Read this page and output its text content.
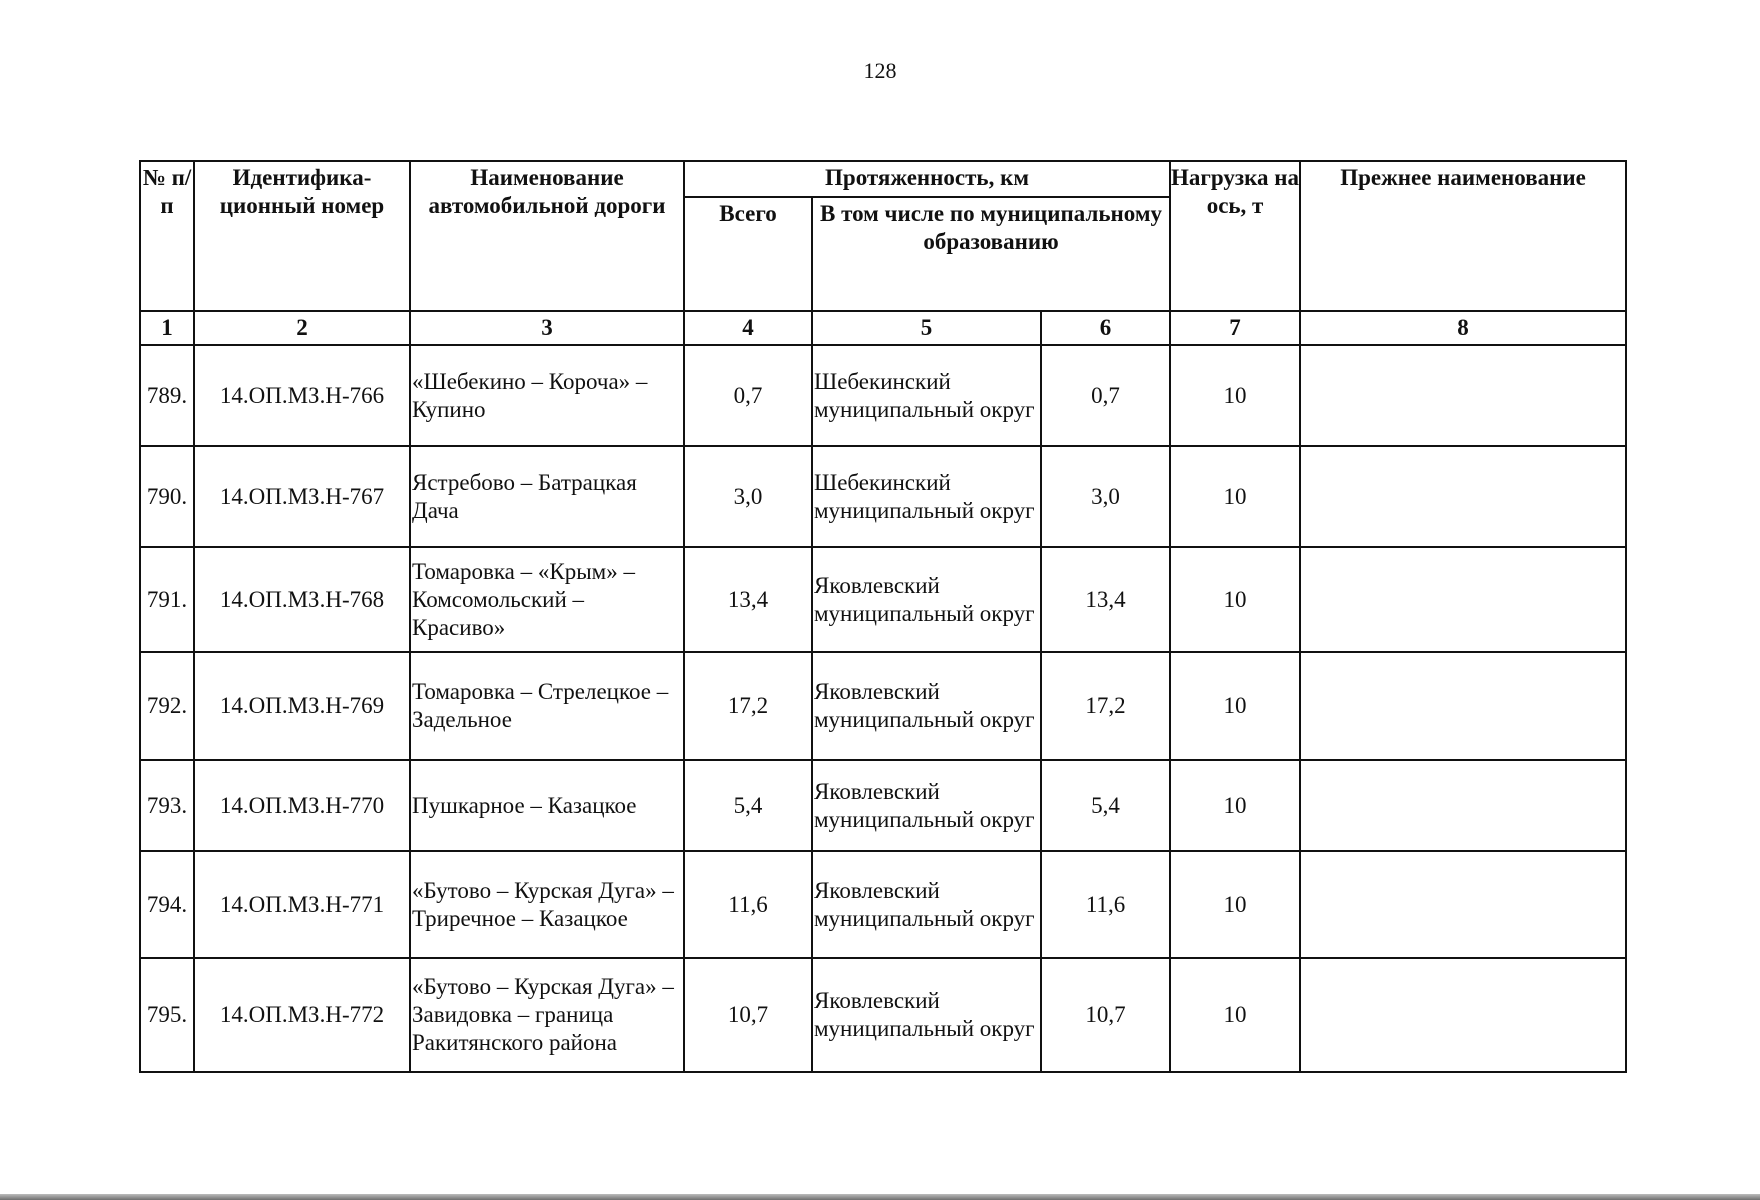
128
№ п/п	Идентифика-ционный номер	Наименование автомобильной дороги	Протяженность, км			Нагрузка на ось, т	Прежнее наименование
			Всего	В том числе по муниципальному образованию			
1	2	3	4	5	6	7	8
789.	14.ОП.МЗ.Н-766	«Шебекино – Короча» – Купино	0,7	Шебекинский муниципальный округ	0,7	10	
790.	14.ОП.МЗ.Н-767	Ястребово – Батрацкая Дача	3,0	Шебекинский муниципальный округ	3,0	10	
791.	14.ОП.МЗ.Н-768	Томаровка – «Крым» – Комсомольский – Красиво»	13,4	Яковлевский муниципальный округ	13,4	10	
792.	14.ОП.МЗ.Н-769	Томаровка – Стрелецкое – Задельное	17,2	Яковлевский муниципальный округ	17,2	10	
793.	14.ОП.МЗ.Н-770	Пушкарное – Казацкое	5,4	Яковлевский муниципальный округ	5,4	10	
794.	14.ОП.МЗ.Н-771	«Бутово – Курская Дуга» – Триречное – Казацкое	11,6	Яковлевский муниципальный округ	11,6	10	
795.	14.ОП.МЗ.Н-772	«Бутово – Курская Дуга» – Завидовка – граница Ракитянского района	10,7	Яковлевский муниципальный округ	10,7	10	
